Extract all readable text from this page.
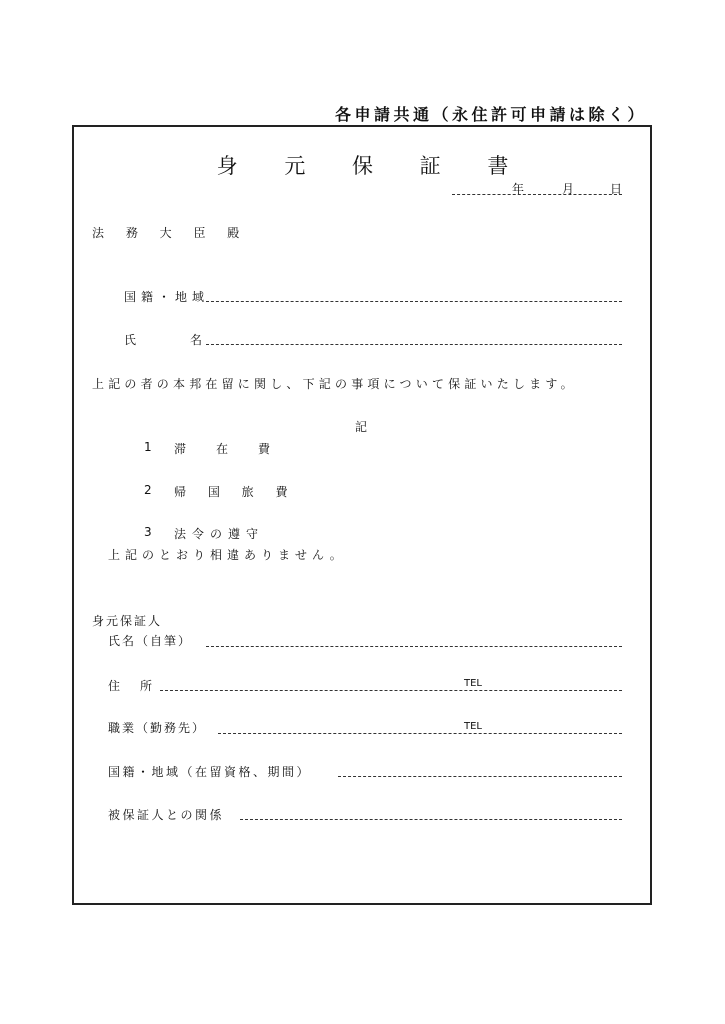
各申請共通（永住許可申請は除く）
身 元 保 証 書
年	月	日
法 務 大 臣 殿
国籍・地域
氏	名
上記の者の本邦在留に関し、下記の事項について保証いたします。
記
1 滞　在　費
2 帰 国 旅 費
3 法令の遵守
上記のとおり相違ありません。
身元保証人
氏名（自筆）
住 所	TEL
職業（勤務先）	TEL
国籍・地域（在留資格、期間）
被保証人との関係
